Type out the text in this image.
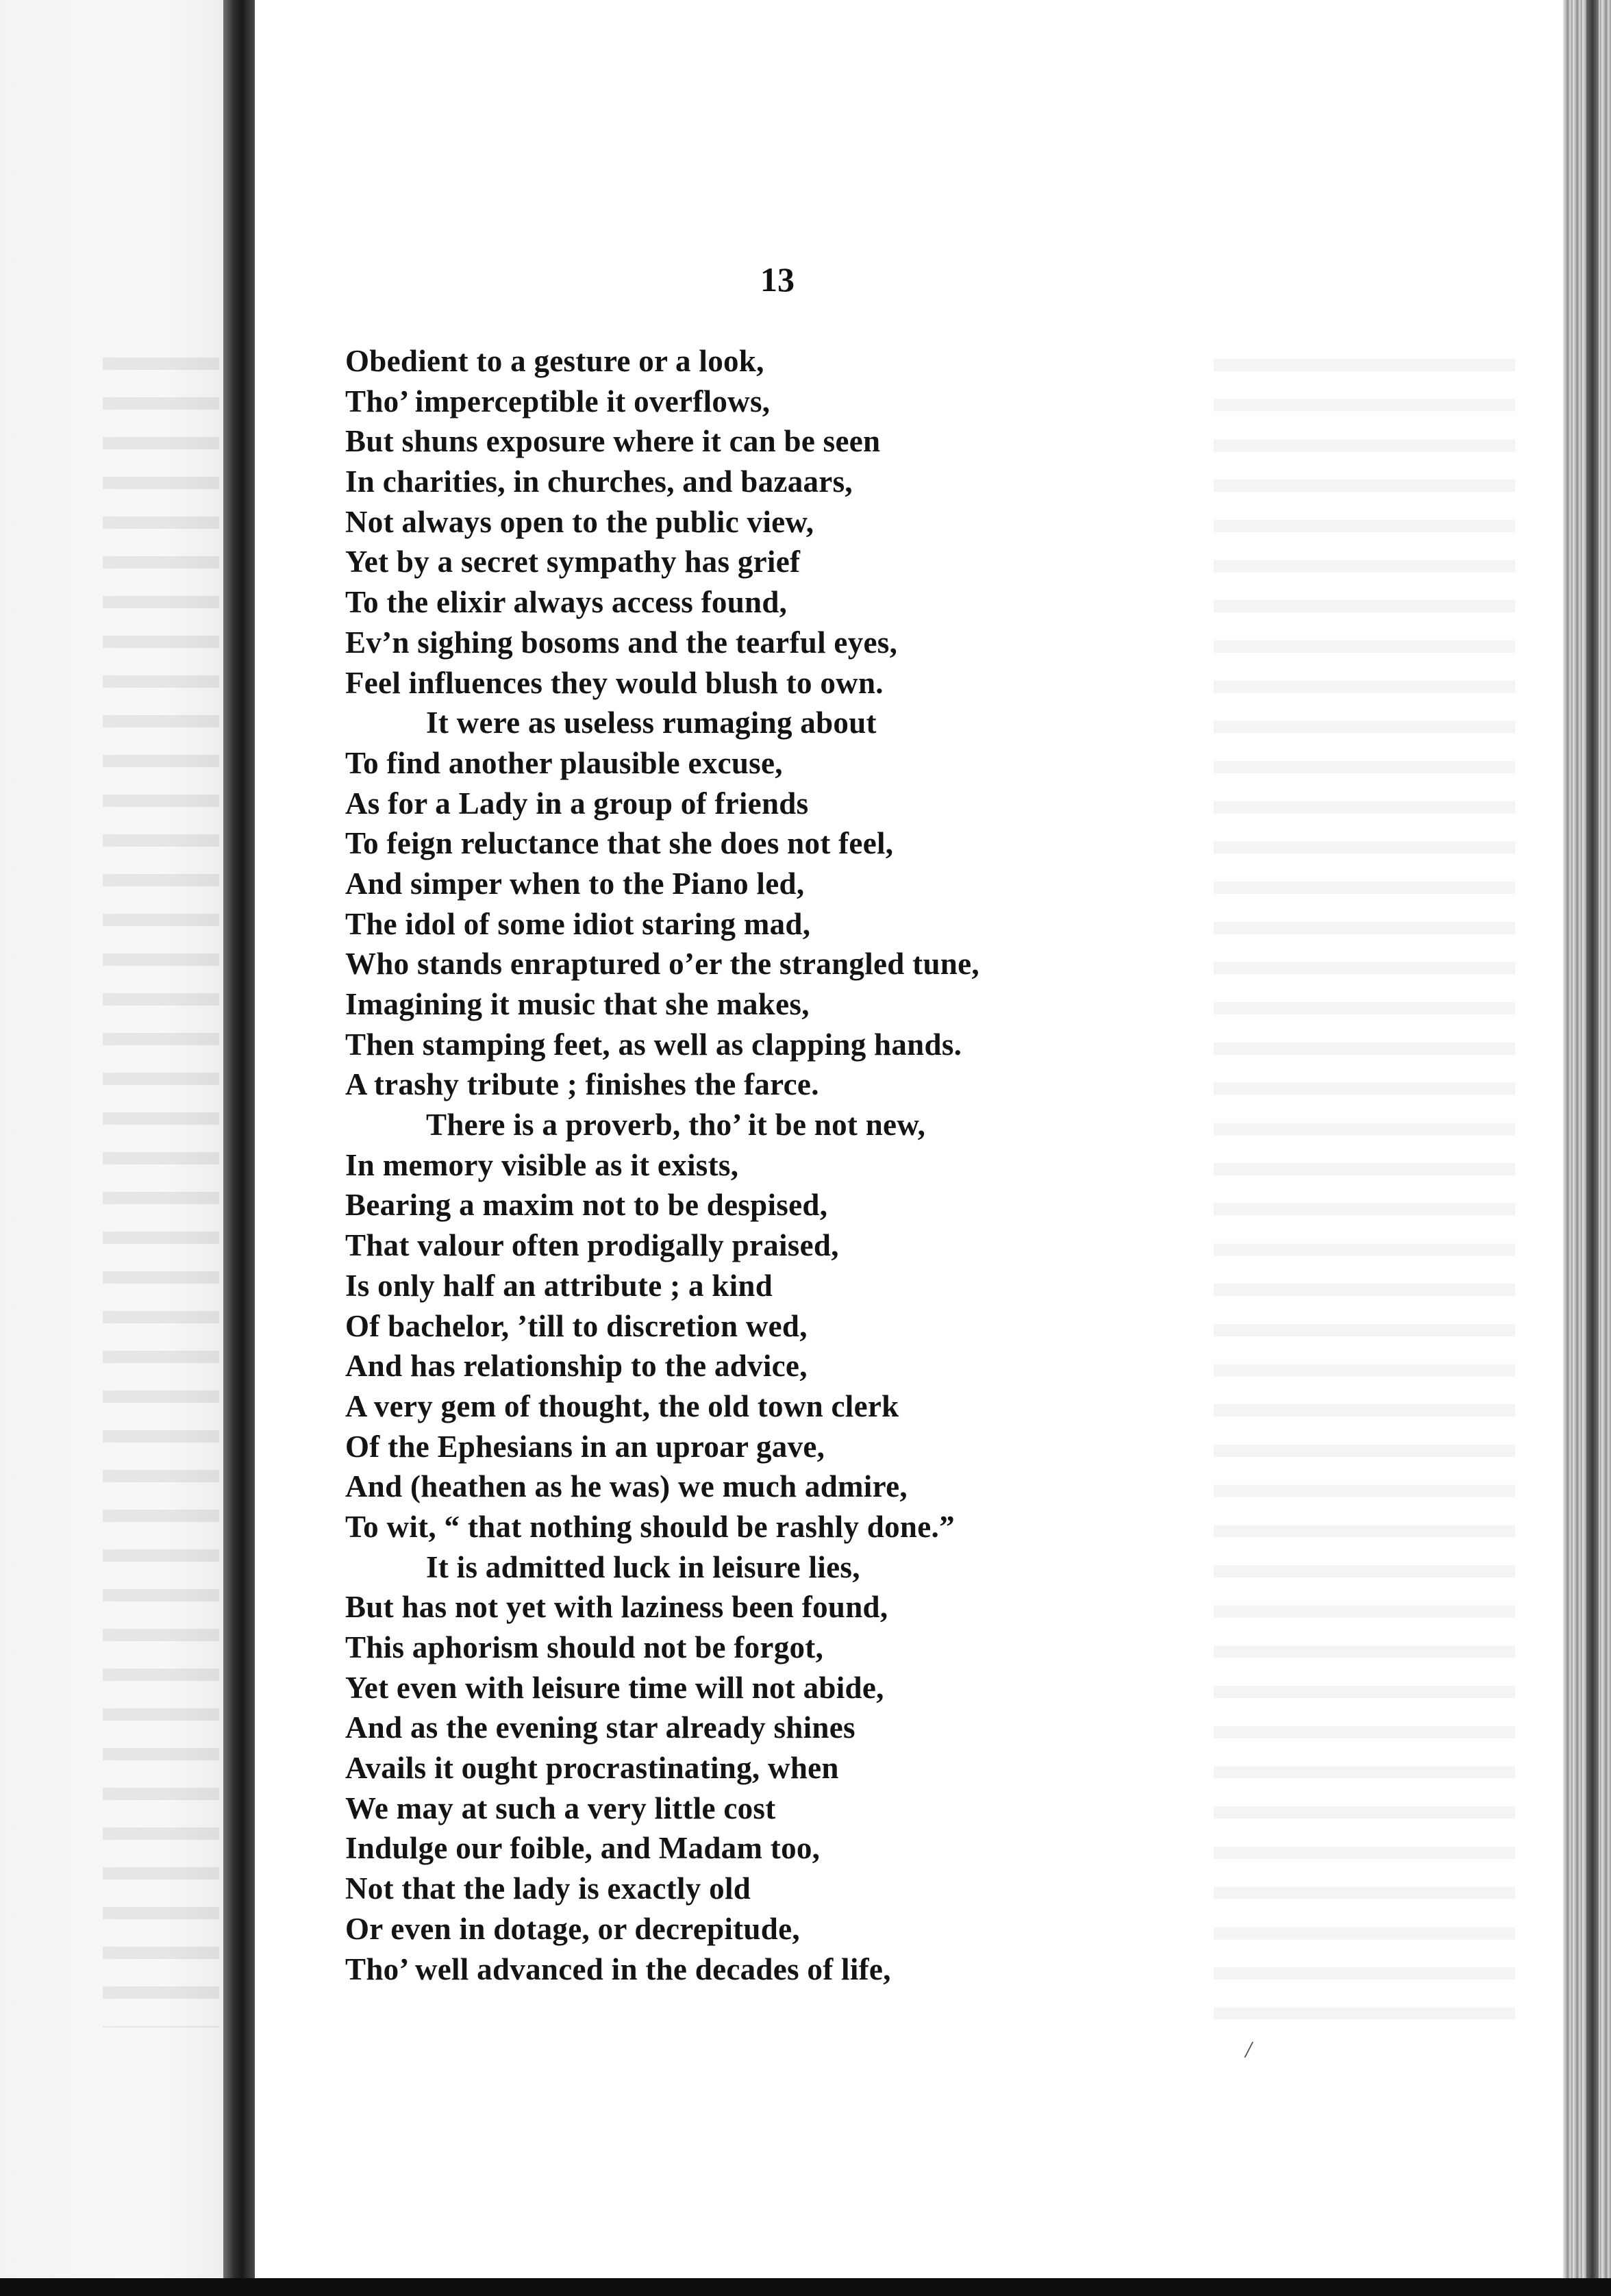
13
Obedient to a gesture or a look,
Tho’ imperceptible it overflows,
But shuns exposure where it can be seen
In charities, in churches, and bazaars,
Not always open to the public view,
Yet by a secret sympathy has grief
To the elixir always access found,
Ev’n sighing bosoms and the tearful eyes,
Feel influences they would blush to own.
It were as useless rumaging about
To find another plausible excuse,
As for a Lady in a group of friends
To feign reluctance that she does not feel,
And simper when to the Piano led,
The idol of some idiot staring mad,
Who stands enraptured o’er the strangled tune,
Imagining it music that she makes,
Then stamping feet, as well as clapping hands.
A trashy tribute ; finishes the farce.
There is a proverb, tho’ it be not new,
In memory visible as it exists,
Bearing a maxim not to be despised,
That valour often prodigally praised,
Is only half an attribute ; a kind
Of bachelor, ’till to discretion wed,
And has relationship to the advice,
A very gem of thought, the old town clerk
Of the Ephesians in an uproar gave,
And (heathen as he was) we much admire,
To wit, “ that nothing should be rashly done.”
It is admitted luck in leisure lies,
But has not yet with laziness been found,
This aphorism should not be forgot,
Yet even with leisure time will not abide,
And as the evening star already shines
Avails it ought procrastinating, when
We may at such a very little cost
Indulge our foible, and Madam too,
Not that the lady is exactly old
Or even in dotage, or decrepitude,
Tho’ well advanced in the decades of life,
/
